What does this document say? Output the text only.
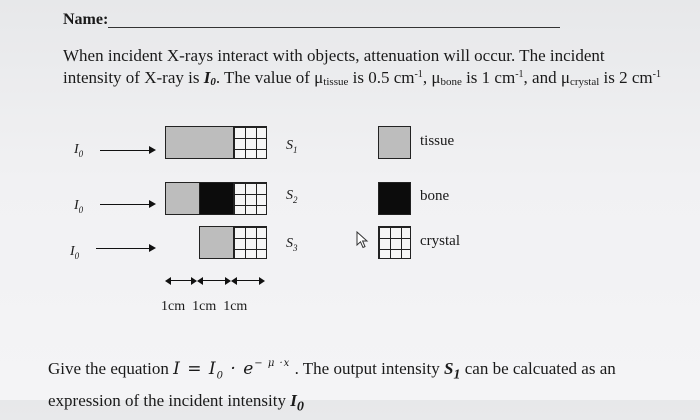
Name:
When incident X-rays interact with objects, attenuation will occur. The incident intensity of X-ray is $I_0$. The value of $\mu_{tissue}$ is 0.5 $cm^{-1}$, $\mu_{bone}$ is 1 $cm^{-1}$, and $\mu_{crystal}$ is 2 $cm^{-1}$
$I_0$
$S_1$
$I_0$
$S_2$
$I_0$
$S_3$
1cm  1cm  1cm
tissue
bone
crystal
Give the equation $I = I_0 \cdot e^{- \mu \cdot x}$ . The output intensity $S_1$ can be calcuated as an expression of the incident intensity $I_0$
